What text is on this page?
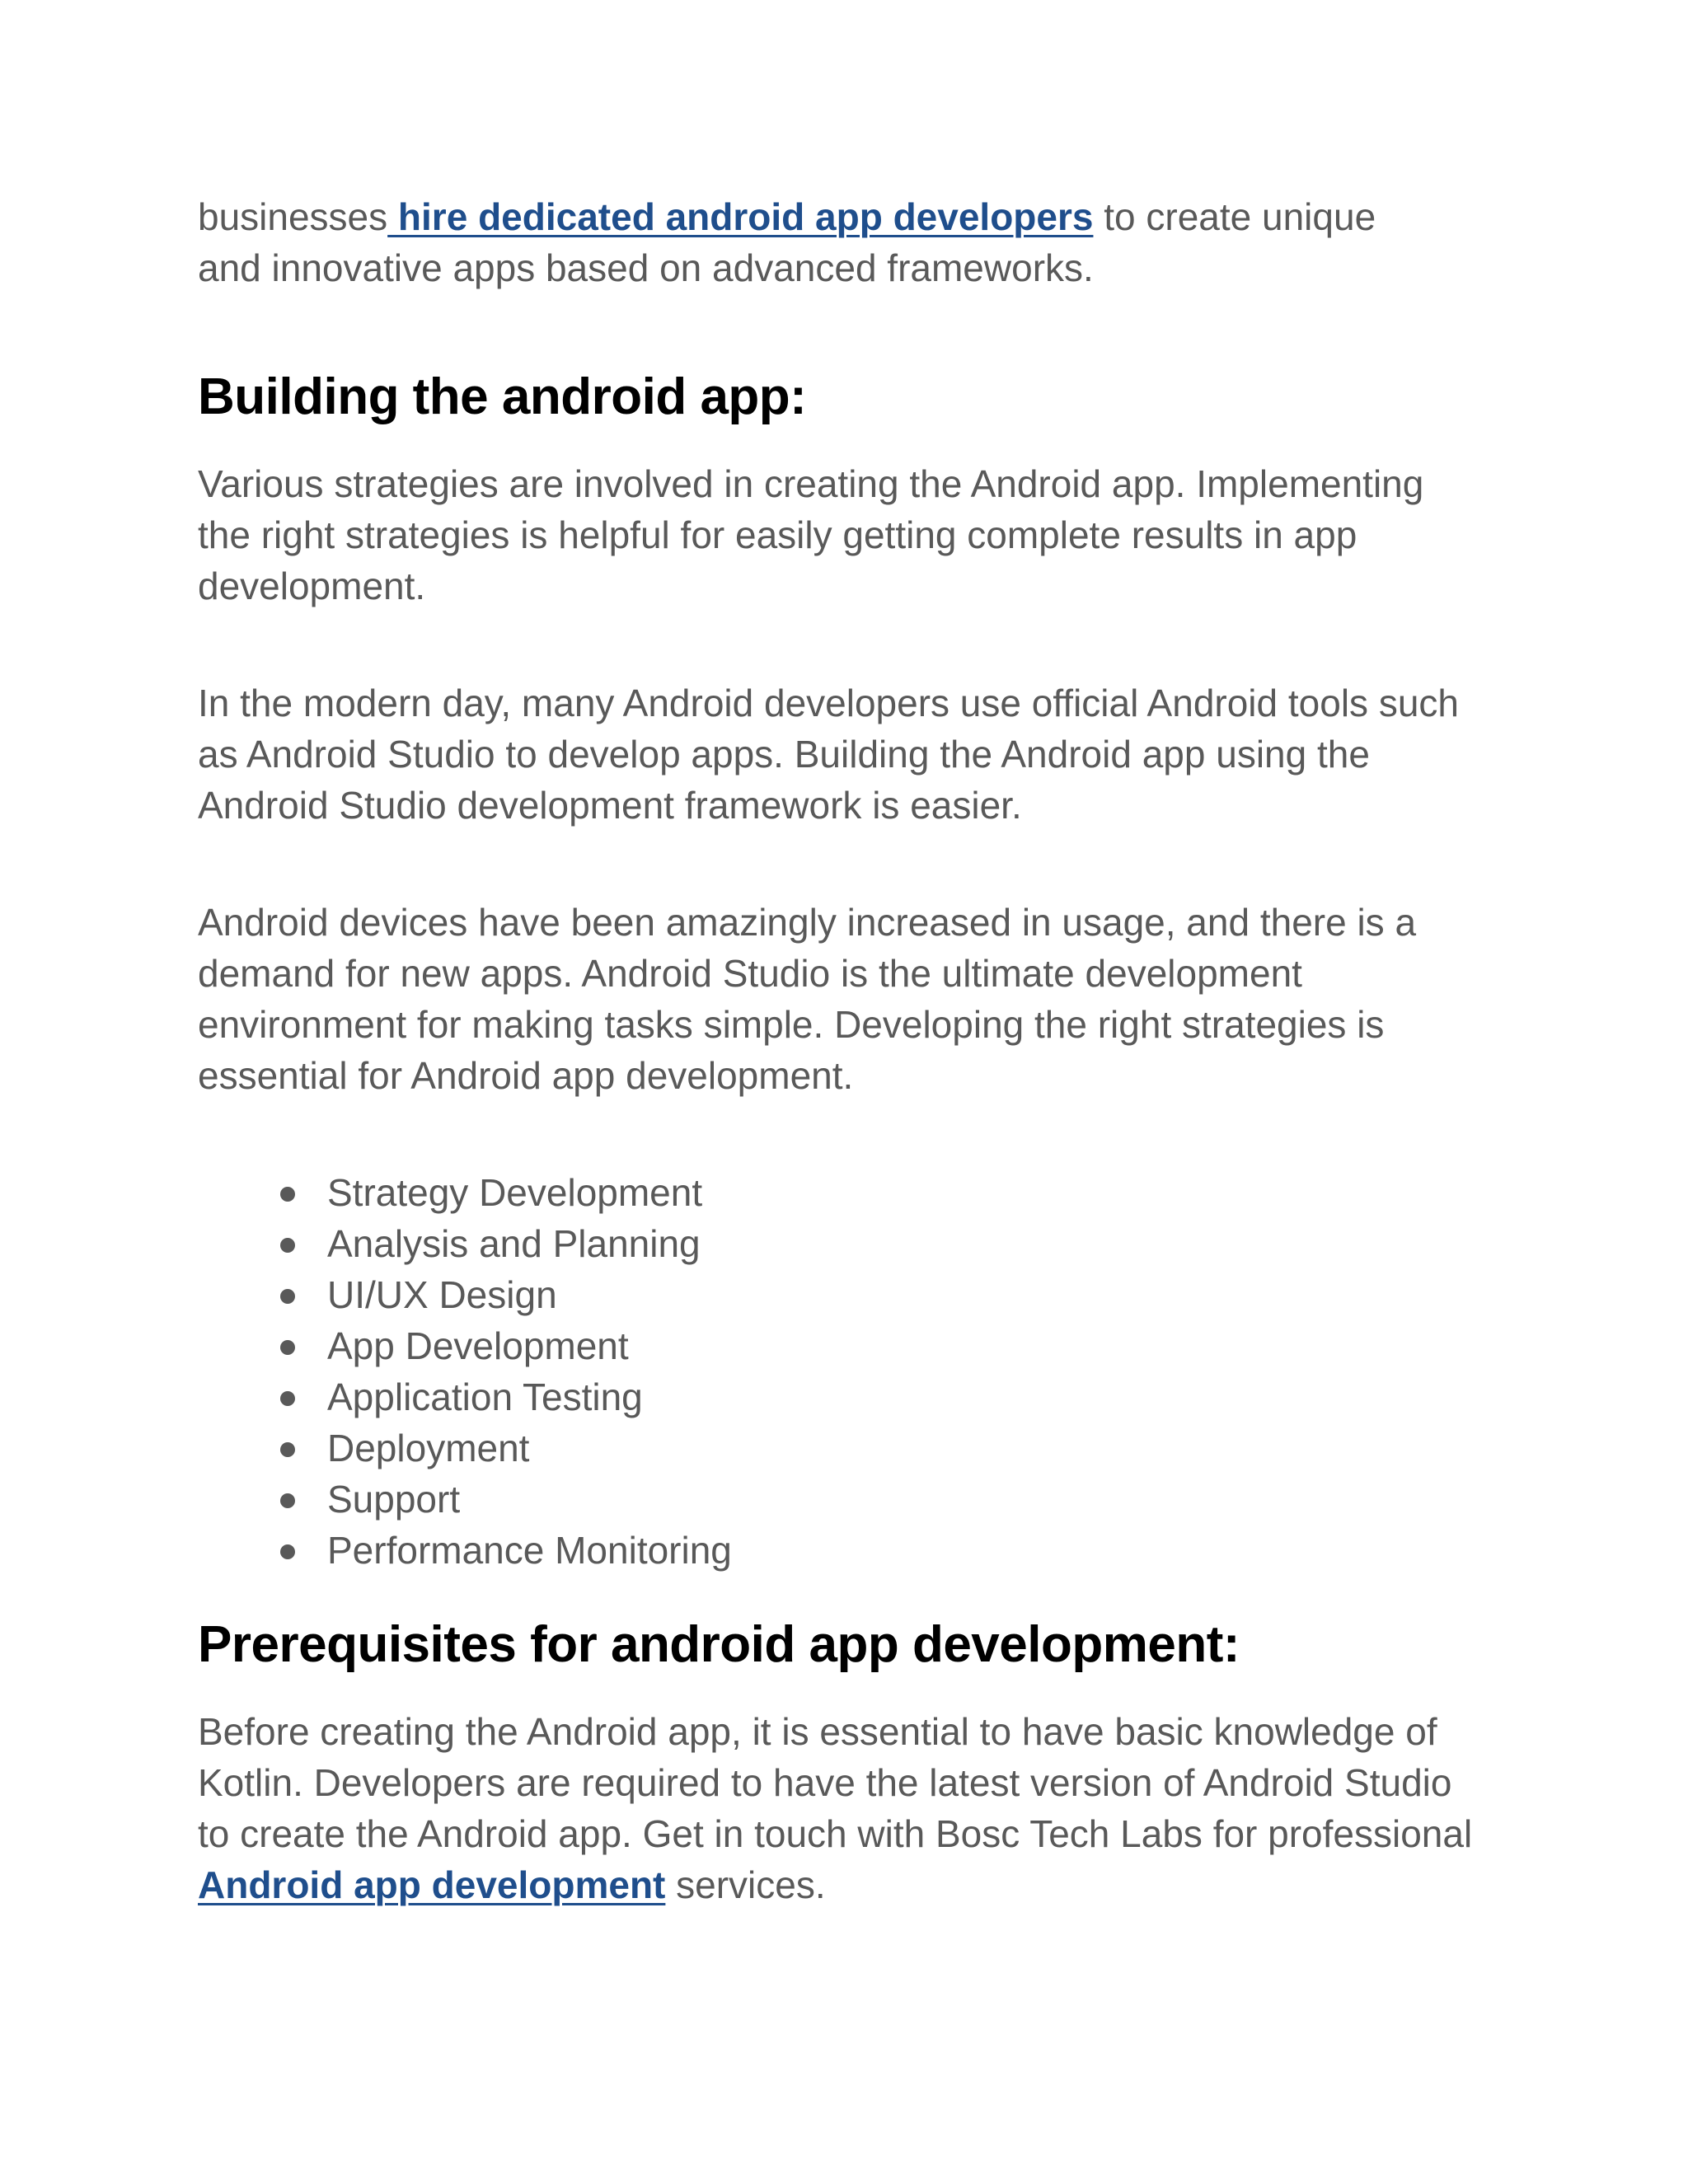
businesses hire dedicated android app developers to create unique and innovative apps based on advanced frameworks.

Building the android app:

Various strategies are involved in creating the Android app. Implementing the right strategies is helpful for easily getting complete results in app development.

In the modern day, many Android developers use official Android tools such as Android Studio to develop apps. Building the Android app using the Android Studio development framework is easier.

Android devices have been amazingly increased in usage, and there is a demand for new apps. Android Studio is the ultimate development environment for making tasks simple. Developing the right strategies is essential for Android app development.

Strategy Development
Analysis and Planning
UI/UX Design
App Development
Application Testing
Deployment
Support
Performance Monitoring
Prerequisites for android app development:

Before creating the Android app, it is essential to have basic knowledge of Kotlin. Developers are required to have the latest version of Android Studio to create the Android app. Get in touch with Bosc Tech Labs for professional Android app development services.
